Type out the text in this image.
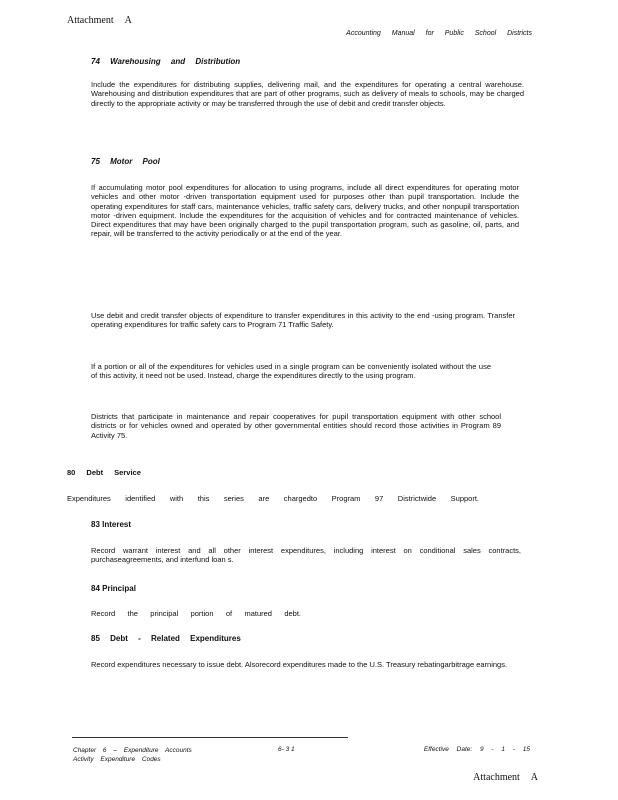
Attachment A
Accounting Manual for Public School Districts
74 Warehousing and Distribution
Include the expenditures for distributing supplies, delivering mail, and the expenditures for operating a central warehouse. Warehousing and distribution expenditures that are part of other programs, such as delivery of meals to schools, may be charged directly to the appropriate activity or may be transferred through the use of debit and credit transfer objects.
75 Motor Pool
If accumulating motor pool expenditures for allocation to using programs, include all direct expenditures for operating motor vehicles and other motor -driven transportation equipment used for purposes other than pupil transportation. Include the operating expenditures for staff cars, maintenance vehicles, traffic safety cars, delivery trucks, and other nonpupil transportation motor -driven equipment. Include the expenditures for the acquisition of vehicles and for contracted maintenance of vehicles. Direct expenditures that may have been originally charged to the pupil transportation program, such as gasoline, oil, parts, and repair, will be transferred to the activity periodically or at the end of the year.
Use debit and credit transfer objects of expenditure to transfer expenditures in this activity to the end -using program. Transfer operating expenditures for traffic safety cars to Program 71 Traffic Safety.
If a portion or all of the expenditures for vehicles used in a single program can be conveniently isolated without the use of this activity, it need not be used. Instead, charge the expenditures directly to the using program.
Districts that participate in maintenance and repair cooperatives for pupil transportation equipment with other school districts or for vehicles owned and operated by other governmental entities should record those activities in Program 89 Activity 75.
80 Debt Service
Expenditures identified with this series are chargedto Program 97 Districtwide Support.
83 Interest
Record warrant interest and all other interest expenditures, including interest on conditional sales contracts, purchaseagreements, and interfund loan s.
84 Principal
Record the principal portion of matured debt.
85 Debt - Related Expenditures
Record expenditures necessary to issue debt. Alsorecord expenditures made to the U.S. Treasury rebatingarbitrage earnings.
Chapter 6 – Expenditure Accounts
Activity Expenditure Codes
6- 3 1	Effective Date: 9 - 1 - 15
Attachment A
